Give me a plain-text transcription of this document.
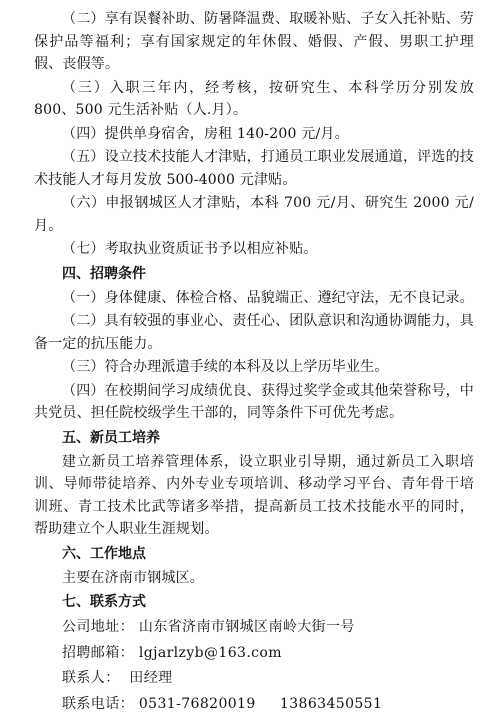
（二）享有误餐补助、防暑降温费、取暖补贴、子女入托补贴、劳保护品等福利；享有国家规定的年休假、婚假、产假、男职工护理假、丧假等。

（三）入职三年内，经考核，按研究生、本科学历分别发放 800、500 元生活补贴（人.月）。

（四）提供单身宿舍，房租 140-200 元/月。

（五）设立技术技能人才津贴，打通员工职业发展通道，评选的技术技能人才每月发放 500-4000 元津贴。

（六）申报钢城区人才津贴，本科 700 元/月、研究生 2000 元/月。

（七）考取执业资质证书予以相应补贴。

四、招聘条件

（一）身体健康、体检合格、品貌端正、遵纪守法，无不良记录。

（二）具有较强的事业心、责任心、团队意识和沟通协调能力，具备一定的抗压能力。

（三）符合办理派遣手续的本科及以上学历毕业生。

（四）在校期间学习成绩优良、获得过奖学金或其他荣誉称号，中共党员、担任院校级学生干部的，同等条件下可优先考虑。

五、新员工培养

建立新员工培养管理体系，设立职业引导期，通过新员工入职培训、导师带徒培养、内外专业专项培训、移动学习平台、青年骨干培训班、青工技术比武等诸多举措，提高新员工技术技能水平的同时，帮助建立个人职业生涯规划。

六、工作地点

主要在济南市钢城区。

七、联系方式

公司地址： 山东省济南市钢城区南岭大街一号

招聘邮箱： lgjarlzyb@163.com

联系人：  田经理

联系电话： 0531-76820019     13863450551
